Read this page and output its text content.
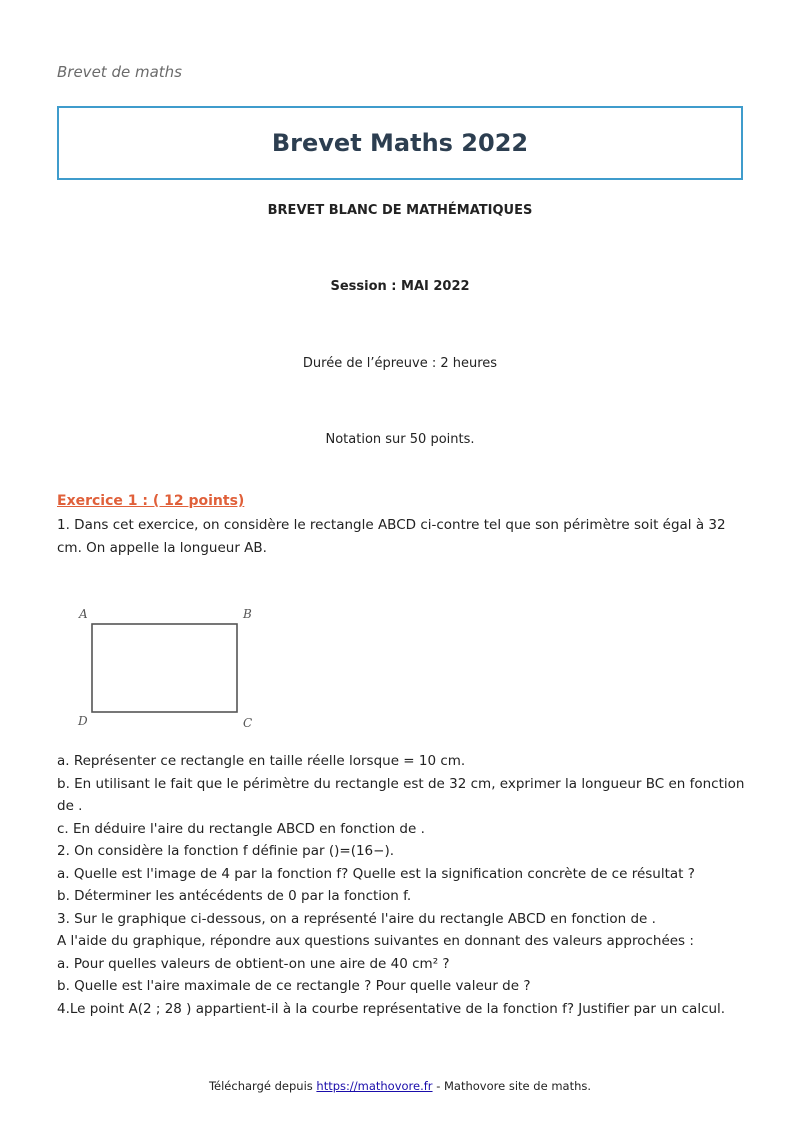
Brevet de maths
Brevet Maths 2022
BREVET BLANC DE MATHÉMATIQUES
Session : MAI 2022
Durée de l’épreuve : 2 heures
Notation sur 50 points.
Exercice 1 : ( 12 points)
1. Dans cet exercice, on considère le rectangle ABCD ci-contre tel que son périmètre soit égal à 32 cm. On appelle la longueur AB.
A	B
C
D
a. Représenter ce rectangle en taille réelle lorsque = 10 cm.
b. En utilisant le fait que le périmètre du rectangle est de 32 cm, exprimer la longueur BC en fonction de .
c. En déduire l'aire du rectangle ABCD en fonction de .
2. On considère la fonction f définie par ()=(16−).
a. Quelle est l'image de 4 par la fonction f? Quelle est la signification concrète de ce résultat ?
b. Déterminer les antécédents de 0 par la fonction f.
3. Sur le graphique ci-dessous, on a représenté l'aire du rectangle ABCD en fonction de .
A l'aide du graphique, répondre aux questions suivantes en donnant des valeurs approchées :
a. Pour quelles valeurs de obtient-on une aire de 40 cm² ?
b. Quelle est l'aire maximale de ce rectangle ? Pour quelle valeur de ?
4.Le point A(2 ; 28 ) appartient-il à la courbe représentative de la fonction f? Justifier par un calcul.
Téléchargé depuis https://mathovore.fr - Mathovore site de maths.
